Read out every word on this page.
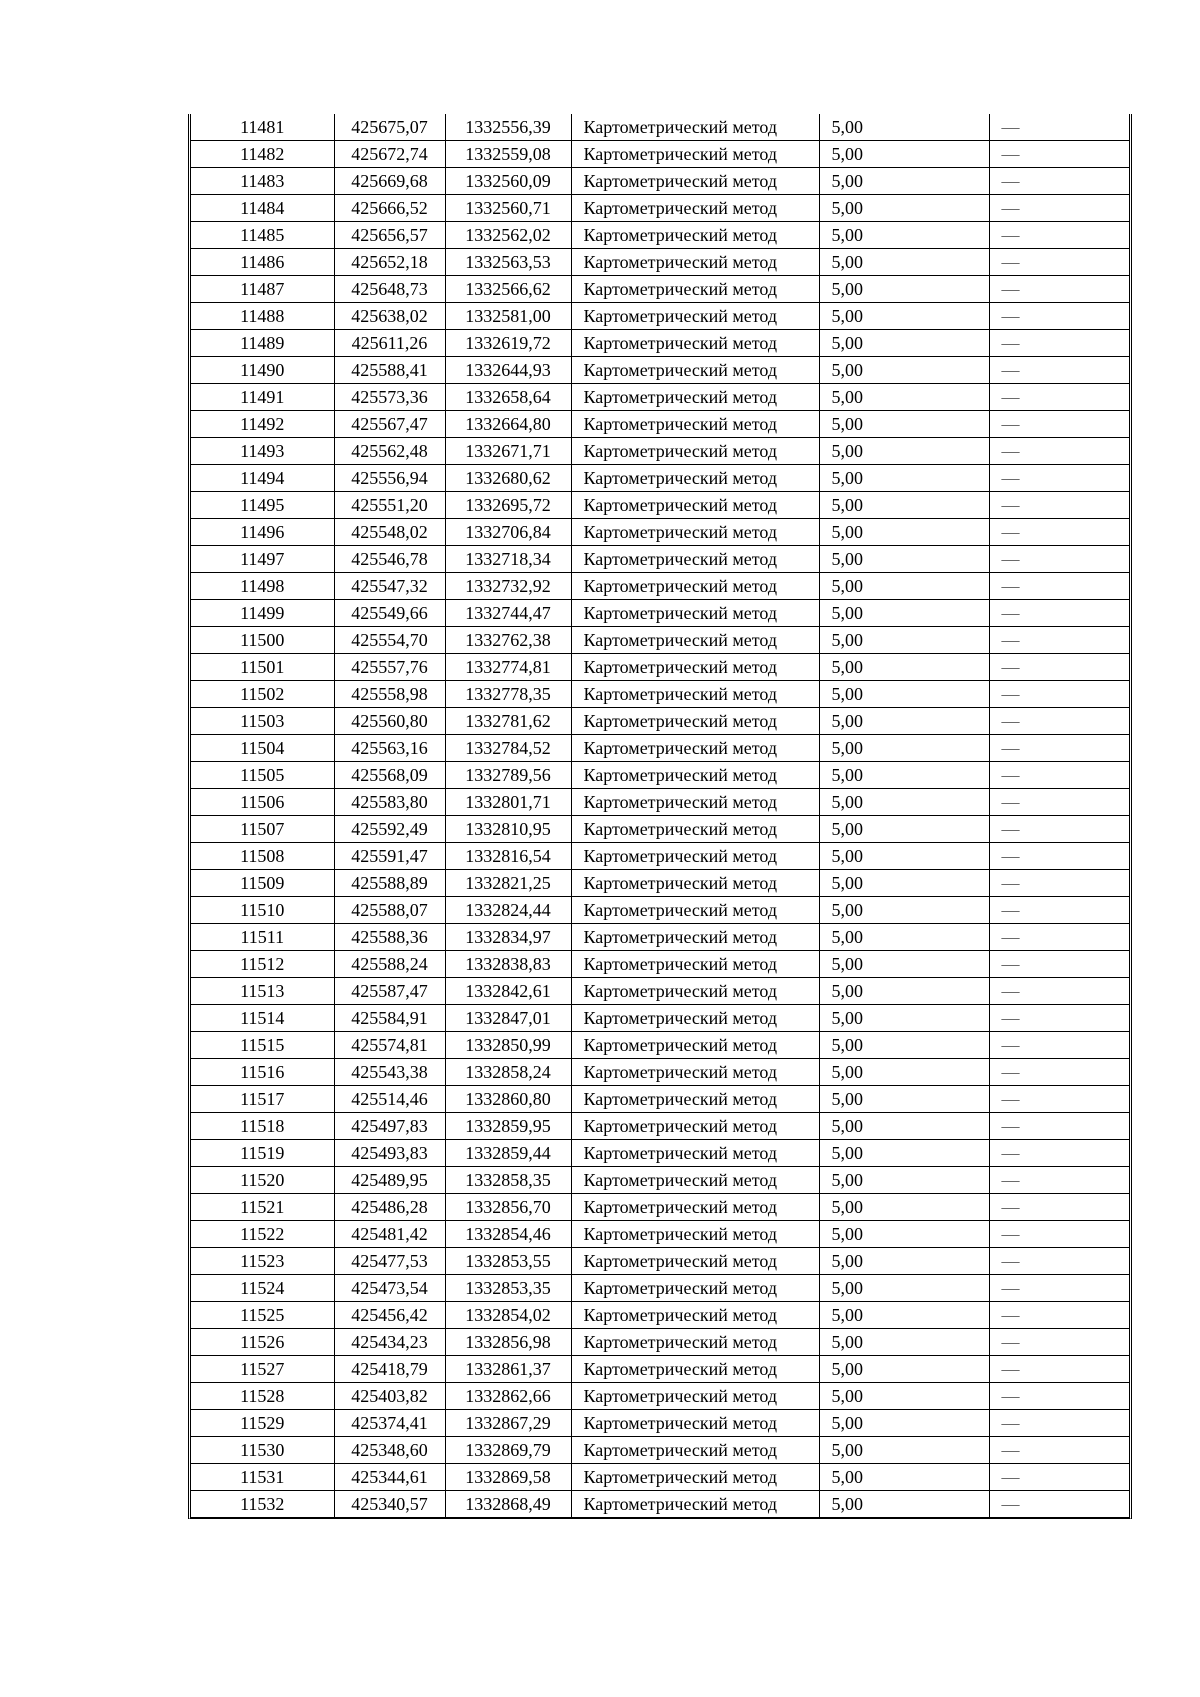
11481	425675,07	1332556,39	Картометрический метод	5,00	—
11482	425672,74	1332559,08	Картометрический метод	5,00	—
11483	425669,68	1332560,09	Картометрический метод	5,00	—
11484	425666,52	1332560,71	Картометрический метод	5,00	—
11485	425656,57	1332562,02	Картометрический метод	5,00	—
11486	425652,18	1332563,53	Картометрический метод	5,00	—
11487	425648,73	1332566,62	Картометрический метод	5,00	—
11488	425638,02	1332581,00	Картометрический метод	5,00	—
11489	425611,26	1332619,72	Картометрический метод	5,00	—
11490	425588,41	1332644,93	Картометрический метод	5,00	—
11491	425573,36	1332658,64	Картометрический метод	5,00	—
11492	425567,47	1332664,80	Картометрический метод	5,00	—
11493	425562,48	1332671,71	Картометрический метод	5,00	—
11494	425556,94	1332680,62	Картометрический метод	5,00	—
11495	425551,20	1332695,72	Картометрический метод	5,00	—
11496	425548,02	1332706,84	Картометрический метод	5,00	—
11497	425546,78	1332718,34	Картометрический метод	5,00	—
11498	425547,32	1332732,92	Картометрический метод	5,00	—
11499	425549,66	1332744,47	Картометрический метод	5,00	—
11500	425554,70	1332762,38	Картометрический метод	5,00	—
11501	425557,76	1332774,81	Картометрический метод	5,00	—
11502	425558,98	1332778,35	Картометрический метод	5,00	—
11503	425560,80	1332781,62	Картометрический метод	5,00	—
11504	425563,16	1332784,52	Картометрический метод	5,00	—
11505	425568,09	1332789,56	Картометрический метод	5,00	—
11506	425583,80	1332801,71	Картометрический метод	5,00	—
11507	425592,49	1332810,95	Картометрический метод	5,00	—
11508	425591,47	1332816,54	Картометрический метод	5,00	—
11509	425588,89	1332821,25	Картометрический метод	5,00	—
11510	425588,07	1332824,44	Картометрический метод	5,00	—
11511	425588,36	1332834,97	Картометрический метод	5,00	—
11512	425588,24	1332838,83	Картометрический метод	5,00	—
11513	425587,47	1332842,61	Картометрический метод	5,00	—
11514	425584,91	1332847,01	Картометрический метод	5,00	—
11515	425574,81	1332850,99	Картометрический метод	5,00	—
11516	425543,38	1332858,24	Картометрический метод	5,00	—
11517	425514,46	1332860,80	Картометрический метод	5,00	—
11518	425497,83	1332859,95	Картометрический метод	5,00	—
11519	425493,83	1332859,44	Картометрический метод	5,00	—
11520	425489,95	1332858,35	Картометрический метод	5,00	—
11521	425486,28	1332856,70	Картометрический метод	5,00	—
11522	425481,42	1332854,46	Картометрический метод	5,00	—
11523	425477,53	1332853,55	Картометрический метод	5,00	—
11524	425473,54	1332853,35	Картометрический метод	5,00	—
11525	425456,42	1332854,02	Картометрический метод	5,00	—
11526	425434,23	1332856,98	Картометрический метод	5,00	—
11527	425418,79	1332861,37	Картометрический метод	5,00	—
11528	425403,82	1332862,66	Картометрический метод	5,00	—
11529	425374,41	1332867,29	Картометрический метод	5,00	—
11530	425348,60	1332869,79	Картометрический метод	5,00	—
11531	425344,61	1332869,58	Картометрический метод	5,00	—
11532	425340,57	1332868,49	Картометрический метод	5,00	—
